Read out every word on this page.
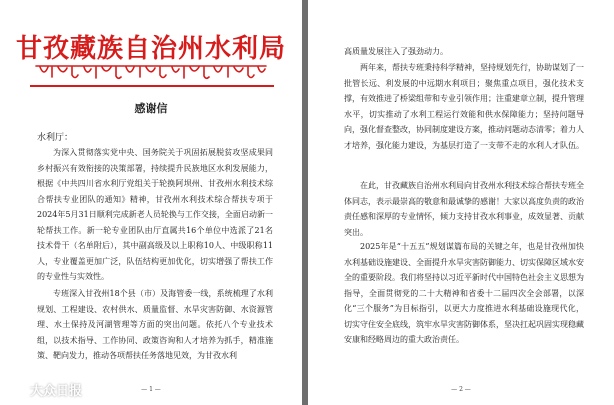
甘孜藏族自治州水利局
感谢信
水利厅：

为深入贯彻落实党中央、国务院关于巩固拓展脱贫攻坚成果同乡村振兴有效衔接的决策部署，持续提升民族地区水利发展能力，根据《中共四川省水利厅党组关于轮换阿坝州、甘孜州水利技术综合帮扶专业团队的通知》精神，甘孜州水利技术综合帮扶专项于2024年5月31日顺利完成新老人员轮换与工作交接，全面启动新一轮帮扶工作。新一轮专业团队由厅直属共16个单位中选派了21名技术骨干（名单附后），其中副高级及以上职称10人、中级职称11人，专业覆盖更加广泛，队伍结构更加优化，切实增强了帮扶工作的专业性与实效性。

专班深入甘孜州18个县（市）及海管委一线，系统梳理了水利规划、工程建设、农村供水、质量监督、水旱灾害防御、水资源管理、水土保持及河湖管理等方面的突出问题。依托八个专业技术组，以技术指导、工作协同、政策咨询和人才培养为抓手，精准施策、靶向发力，推动各项帮扶任务落地见效，为甘孜水利

— 1 —

高质量发展注入了强劲动力。

两年来，帮扶专班秉持科学精神，坚持规划先行，协助谋划了一批管长远、利发展的中远期水利项目；聚焦重点项目，强化技术支撑，有效推进了桥梁组带和专业引领作用；注重建章立制，提升管理水平，切实推动了水利工程运行效能和供水保障能力；坚持问题导向，强化督查整改，协同制度建设方案，推动问题动态清零；着力人才培养，强化能力建设，为基层打造了一支带不走的水利人才队伍。

在此，甘孜藏族自治州水利局向甘孜州水利技术综合帮扶专班全体同志，表示最崇高的敬意和最诚挚的感谢！大家以高度负责的政治责任感和深厚的专业情怀，倾力支持甘孜水利事业，成效显著、贡献突出。

2025年是“十五五”规划谋篇布局的关键之年，也是甘孜州加快水利基础设施建设、全面提升水旱灾害防御能力、切实保障区域水安全的重要阶段。我们将坚持以习近平新时代中国特色社会主义思想为指导，全面贯彻党的二十大精神和省委十二届四次全会部署，以深化“三个服务”为目标指引，以更大力度推进水利基础设施现代化，切实守住安全底线，筑牢水旱灾害防御体系，坚决扛起巩固实现稳藏安康和经略周边的重大政治责任。

— 2 —
大众日报
